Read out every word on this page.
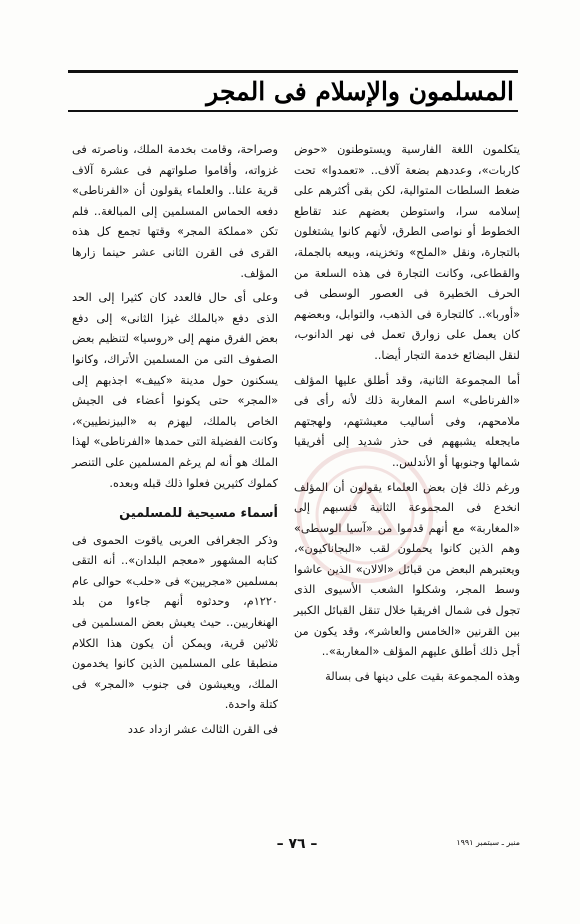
المسلمون والإسلام فى المجر

يتكلمون اللغة الفارسية ويستوطنون «حوض كاربات»، وعددهم بضعة آلاف.. «تعمدوا» تحت ضغط السلطات المتوالية، لكن بقى أكثرهم على إسلامه سرا، واستوطن بعضهم عند تقاطع الخطوط أو نواصى الطرق، لأنهم كانوا يشتغلون بالتجارة، ونقل «الملح» وتخزينه، وبيعه بالجملة، والقطاعى، وكانت التجارة فى هذه السلعة من الحرف الخطيرة فى العصور الوسطى فى «أوربا».. كالتجارة فى الذهب، والتوابل، وبعضهم كان يعمل على زوارق تعمل فى نهر الدانوب، لنقل البضائع خدمة التجار أيضا..

أما المجموعة الثانية، وقد أطلق عليها المؤلف «الفرناطى» اسم المغاربة ذلك لأنه رأى فى ملامحهم، وفى أساليب معيشتهم، ولهجتهم مايجعله يشبههم فى حذر شديد إلى أفريقيا شمالها وجنوبها أو الأندلس..

ورغم ذلك فإن بعض العلماء يقولون أن المؤلف انخدع فى المجموعة الثانية فنسبهم إلى «المغاربة» مع أنهم قدموا من «آسيا الوسطى» وهم الذين كانوا يحملون لقب «البجاناكيون»، ويعتبرهم البعض من قبائل «الالان» الذين عاشوا وسط المجر، وشكلوا الشعب الأسيوى الذى تجول فى شمال افريقيا خلال تنقل القبائل الكبير بين القرنين «الخامس والعاشر»، وقد يكون من أجل ذلك أطلق عليهم المؤلف «المغاربة»..

وهذه المجموعة بقيت على دينها فى بسالة

وصراحة، وقامت بخدمة الملك، وناصرته فى غزواته، وأقاموا صلواتهم فى عشرة آلاف قرية علنا.. والعلماء يقولون أن «الفرناطى» دفعه الحماس المسلمين إلى المبالغة.. فلم تكن «مملكة المجر» وقتها تجمع كل هذه القرى فى القرن الثانى عشر حينما زارها المؤلف.

وعلى أى حال فالعدد كان كثيرا إلى الحد الذى دفع «بالملك غيزا الثانى» إلى دفع بعض الفرق منهم إلى «روسيا» لتنظيم بعض الصفوف التى من المسلمين الأتراك، وكانوا يسكنون حول مدينة «كييف» اجذبهم إلى «المجر» حتى يكونوا أعضاء فى الجيش الخاص بالملك، ليهزم به «البيزنطيين»، وكانت الفضيلة التى حمدها «الفرناطى» لهذا الملك هو أنه لم يرغم المسلمين على التنصر كملوك كثيرين فعلوا ذلك قبله وبعده.

أسماء مسيحية للمسلمين

وذكر الجغرافى العربى ياقوت الحموى فى كتابه المشهور «معجم البلدان».. أنه التقى بمسلمين «مجريين» فى «حلب» حوالى عام ١٢٢٠م، وحدثوه أنهم جاءوا من بلد الهنغاريين.. حيث يعيش بعض المسلمين فى ثلاثين قرية، ويمكن أن يكون هذا الكلام منطبقا على المسلمين الذين كانوا يخدمون الملك، ويعيشون فى جنوب «المجر» فى كتلة واحدة.

فى القرن الثالث عشر ازداد عدد

منبر ـ سبتمبر ١٩٩١
– ٧٦ –
